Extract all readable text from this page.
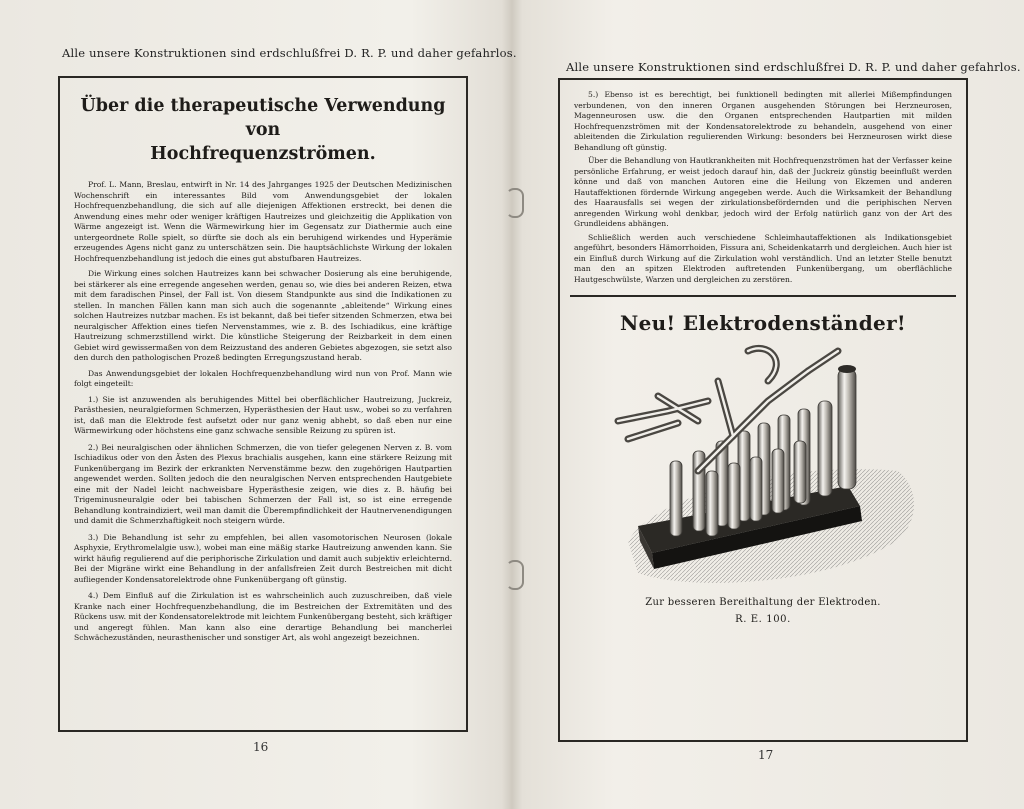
Alle unsere Konstruktionen sind erdschlußfrei D. R. P. und daher gefahrlos.
Alle unsere Konstruktionen sind erdschlußfrei D. R. P. und daher gefahrlos.
Über die therapeutische Verwendung von
Hochfrequenzströmen.

Prof. L. Mann, Breslau, entwirft in Nr. 14 des Jahrganges 1925 der Deutschen Medizinischen Wochenschrift ein interessantes Bild vom Anwendungsgebiet der lokalen Hochfrequenzbehandlung, die sich auf alle diejenigen Affektionen erstreckt, bei denen die Anwendung eines mehr oder weniger kräftigen Hautreizes und gleichzeitig die Applikation von Wärme angezeigt ist. Wenn die Wärmewirkung hier im Gegensatz zur Diathermie auch eine untergeordnete Rolle spielt, so dürfte sie doch als ein beruhigend wirkendes und Hyperämie erzeugendes Agens nicht ganz zu unterschätzen sein. Die hauptsächlichste Wirkung der lokalen Hochfrequenzbehandlung ist jedoch die eines gut abstufbaren Hautreizes.

Die Wirkung eines solchen Hautreizes kann bei schwacher Dosierung als eine beruhigende, bei stärkerer als eine erregende angesehen werden, genau so, wie dies bei anderen Reizen, etwa mit dem faradischen Pinsel, der Fall ist. Von diesem Standpunkte aus sind die Indikationen zu stellen. In manchen Fällen kann man sich auch die sogenannte „ableitende“ Wirkung eines solchen Hautreizes nutzbar machen. Es ist bekannt, daß bei tiefer sitzenden Schmerzen, etwa bei neuralgischer Affektion eines tiefen Nervenstammes, wie z. B. des Ischiadikus, eine kräftige Hautreizung schmerzstillend wirkt. Die künstliche Steigerung der Reizbarkeit in dem einen Gebiet wird gewissermaßen von dem Reizzustand des anderen Gebietes abgezogen, sie setzt also den durch den pathologischen Prozeß bedingten Erregungszustand herab.

Das Anwendungsgebiet der lokalen Hochfrequenzbehandlung wird nun von Prof. Mann wie folgt eingeteilt:

1.) Sie ist anzuwenden als beruhigendes Mittel bei oberflächlicher Hautreizung, Juckreiz, Parästhesien, neuralgieformen Schmerzen, Hyperästhesien der Haut usw., wobei so zu verfahren ist, daß man die Elektrode fest aufsetzt oder nur ganz wenig abhebt, so daß eben nur eine Wärmewirkung oder höchstens eine ganz schwache sensible Reizung zu spüren ist.

2.) Bei neuralgischen oder ähnlichen Schmerzen, die von tiefer gelegenen Nerven z. B. vom Ischiadikus oder von den Ästen des Plexus brachialis ausgehen, kann eine stärkere Reizung mit Funkenübergang im Bezirk der erkrankten Nervenstämme bezw. den zugehörigen Hautpartien angewendet werden. Sollten jedoch die den neuralgischen Nerven entsprechenden Hautgebiete eine mit der Nadel leicht nachweisbare Hyperästhesie zeigen, wie dies z. B. häufig bei Trigeminusneuralgie oder bei tabischen Schmerzen der Fall ist, so ist eine erregende Behandlung kontraindiziert, weil man damit die Überempfindlichkeit der Hautnervenendigungen und damit die Schmerzhaftigkeit noch steigern würde.

3.) Die Behandlung ist sehr zu empfehlen, bei allen vasomotorischen Neurosen (lokale Asphyxie, Erythromelalgie usw.), wobei man eine mäßig starke Hautreizung anwenden kann. Sie wirkt häufig regulierend auf die periphorische Zirkulation und damit auch subjektiv erleichternd. Bei der Migräne wirkt eine Behandlung in der anfallsfreien Zeit durch Bestreichen mit dicht aufliegender Kondensatorelektrode ohne Funkenübergang oft günstig.

4.) Dem Einfluß auf die Zirkulation ist es wahrscheinlich auch zuzuschreiben, daß viele Kranke nach einer Hochfrequenzbehandlung, die im Bestreichen der Extremitäten und des Rückens usw. mit der Kondensatorelektrode mit leichtem Funkenübergang besteht, sich kräftiger und angeregt fühlen. Man kann also eine derartige Behandlung bei mancherlei Schwächezuständen, neurasthenischer und sonstiger Art, als wohl angezeigt bezeichnen.

16

5.) Ebenso ist es berechtigt, bei funktionell bedingten mit allerlei Mißempfindungen verbundenen, von den inneren Organen ausgehenden Störungen bei Herzneurosen, Magenneurosen usw. die den Organen entsprechenden Hautpartien mit milden Hochfrequenzströmen mit der Kondensatorelektrode zu behandeln, ausgehend von einer ableitenden die Zirkulation regulierenden Wirkung: besonders bei Herzneurosen wirkt diese Behandlung oft günstig.

Über die Behandlung von Hautkrankheiten mit Hochfrequenzströmen hat der Verfasser keine persönliche Erfahrung, er weist jedoch darauf hin, daß der Juckreiz günstig beeinflußt werden könne und daß von manchen Autoren eine die Heilung von Ekzemen und anderen Hautaffektionen fördernde Wirkung angegeben werde. Auch die Wirksamkeit der Behandlung des Haarausfalls sei wegen der zirkulationsbefördernden und die periphischen Nerven anregenden Wirkung wohl denkbar, jedoch wird der Erfolg natürlich ganz von der Art des Grundleidens abhängen.

Schließlich werden auch verschiedene Schleimhautaffektionen als Indikationsgebiet angeführt, besonders Hämorrhoiden, Fissura ani, Scheidenkatarrh und dergleichen. Auch hier ist ein Einfluß durch Wirkung auf die Zirkulation wohl verständlich. Und an letzter Stelle benutzt man den an spitzen Elektroden auftretenden Funkenübergang, um oberflächliche Hautgeschwülste, Warzen und dergleichen zu zerstören.

Neu! Elektrodenständer!
Zur besseren Bereithaltung der Elektroden.
R. E. 100.
17
